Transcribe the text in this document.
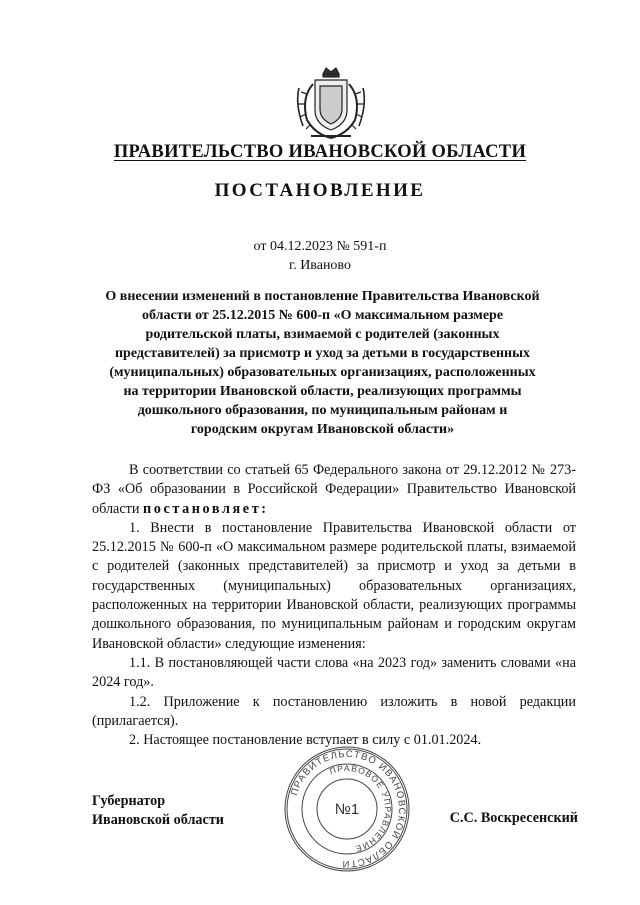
ПРАВИТЕЛЬСТВО ИВАНОВСКОЙ ОБЛАСТИ
ПОСТАНОВЛЕНИЕ
от 04.12.2023 № 591-п
г. Иваново
О внесении изменений в постановление Правительства Ивановской области от 25.12.2015 № 600-п «О максимальном размере родительской платы, взимаемой с родителей (законных представителей) за присмотр и уход за детьми в государственных (муниципальных) образовательных организациях, расположенных на территории Ивановской области, реализующих программы дошкольного образования, по муниципальным районам и городским округам Ивановской области»

В соответствии со статьей 65 Федерального закона от 29.12.2012 № 273-ФЗ «Об образовании в Российской Федерации» Правительство Ивановской области постановляет:

1. Внести в постановление Правительства Ивановской области от 25.12.2015 № 600-п «О максимальном размере родительской платы, взимаемой с родителей (законных представителей) за присмотр и уход за детьми в государственных (муниципальных) образовательных организациях, расположенных на территории Ивановской области, реализующих программы дошкольного образования, по муниципальным районам и городским округам Ивановской области» следующие изменения:

1.1. В постановляющей части слова «на 2023 год» заменить словами «на 2024 год».

1.2. Приложение к постановлению изложить в новой редакции (прилагается).

2. Настоящее постановление вступает в силу с 01.01.2024.

ПРАВИТЕЛЬСТВО ИВАНОВСКОЙ ОБЛАСТИ
ПРАВОВОЕ УПРАВЛЕНИЕ
№1
Губернатор
Ивановской области	С.С. Воскресенский
